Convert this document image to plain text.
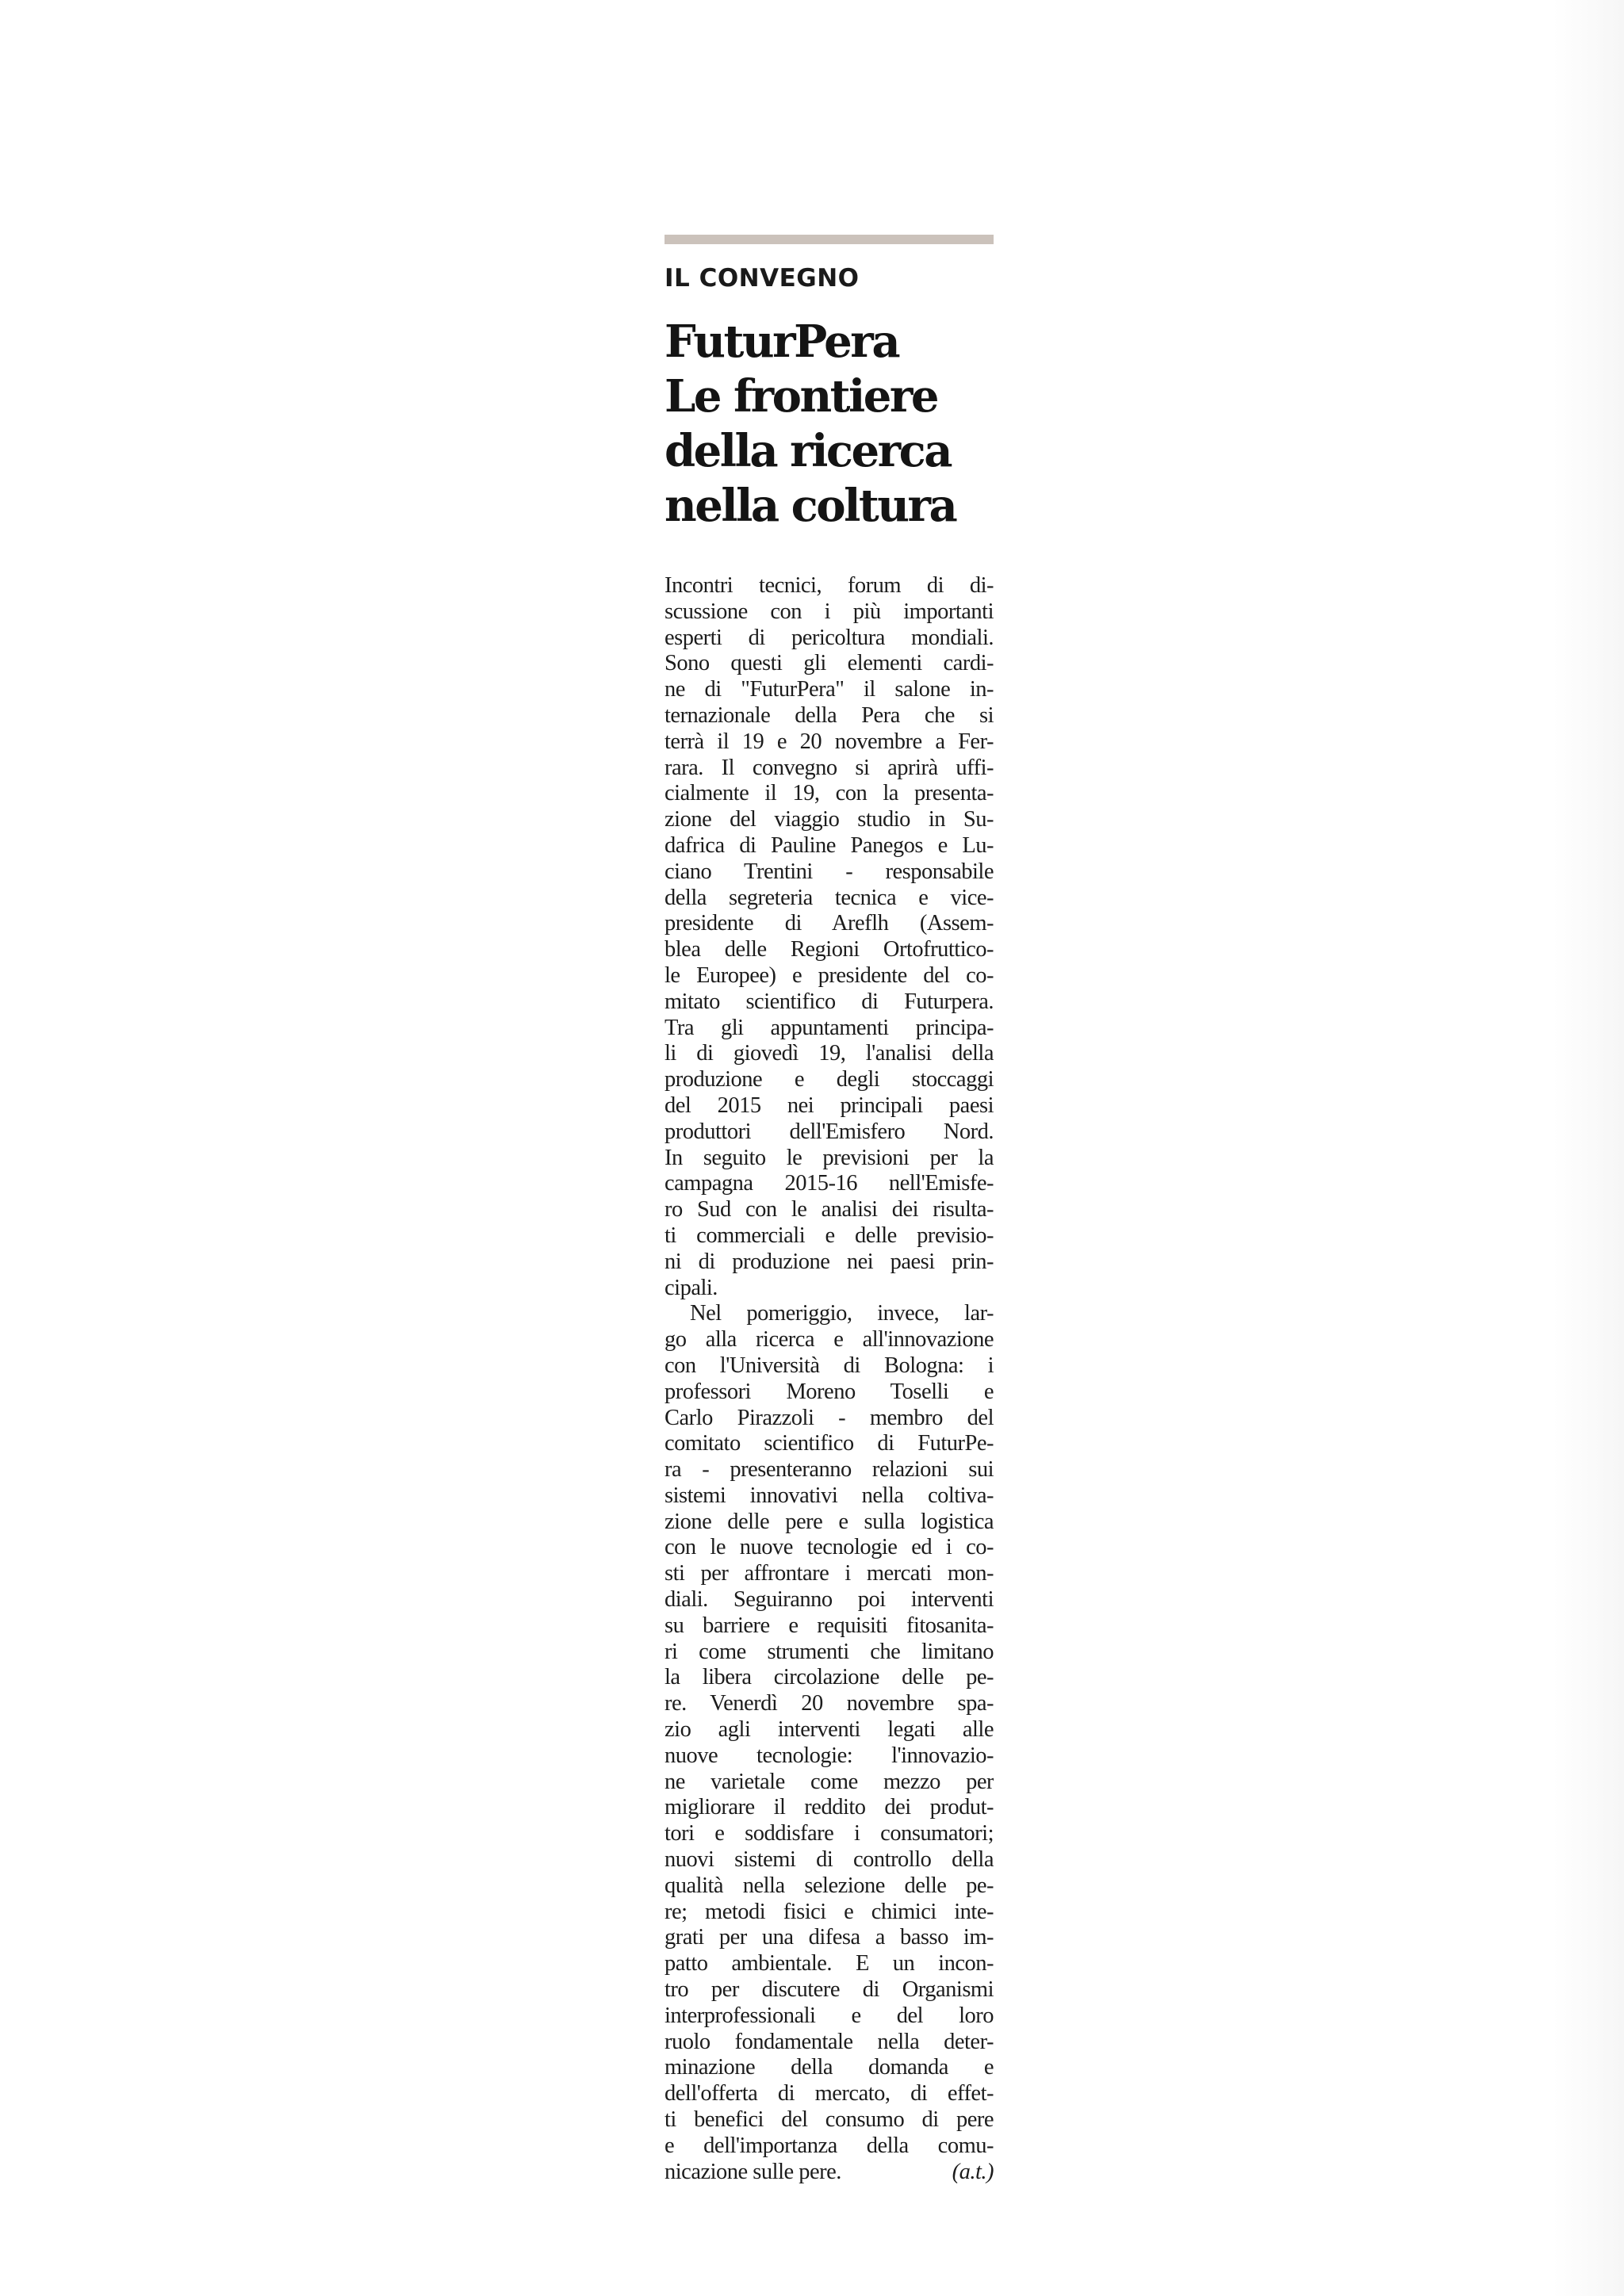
IL CONVEGNO
FuturPera
Le frontiere
della ricerca
nella coltura
Incontri tecnici, forum di di-
scussione con i più importanti
esperti di pericoltura mondiali.
Sono questi gli elementi cardi-
ne di "FuturPera" il salone in-
ternazionale della Pera che si
terrà il 19 e 20 novembre a Fer-
rara. Il convegno si aprirà uffi-
cialmente il 19, con la presenta-
zione del viaggio studio in Su-
dafrica di Pauline Panegos e Lu-
ciano Trentini - responsabile
della segreteria tecnica e vice-
presidente di Areflh (Assem-
blea delle Regioni Ortofruttico-
le Europee) e presidente del co-
mitato scientifico di Futurpera.
Tra gli appuntamenti principa-
li di giovedì 19, l'analisi della
produzione e degli stoccaggi
del 2015 nei principali paesi
produttori dell'Emisfero Nord.
In seguito le previsioni per la
campagna 2015-16 nell'Emisfe-
ro Sud con le analisi dei risulta-
ti commerciali e delle previsio-
ni di produzione nei paesi prin-
cipali.
Nel pomeriggio, invece, lar-
go alla ricerca e all'innovazione
con l'Università di Bologna: i
professori Moreno Toselli e
Carlo Pirazzoli - membro del
comitato scientifico di FuturPe-
ra - presenteranno relazioni sui
sistemi innovativi nella coltiva-
zione delle pere e sulla logistica
con le nuove tecnologie ed i co-
sti per affrontare i mercati mon-
diali. Seguiranno poi interventi
su barriere e requisiti fitosanita-
ri come strumenti che limitano
la libera circolazione delle pe-
re. Venerdì 20 novembre spa-
zio agli interventi legati alle
nuove tecnologie: l'innovazio-
ne varietale come mezzo per
migliorare il reddito dei produt-
tori e soddisfare i consumatori;
nuovi sistemi di controllo della
qualità nella selezione delle pe-
re; metodi fisici e chimici inte-
grati per una difesa a basso im-
patto ambientale. E un incon-
tro per discutere di Organismi
interprofessionali e del loro
ruolo fondamentale nella deter-
minazione della domanda e
dell'offerta di mercato, di effet-
ti benefici del consumo di pere
e dell'importanza della comu-
nicazione sulle pere.	(a.t.)
